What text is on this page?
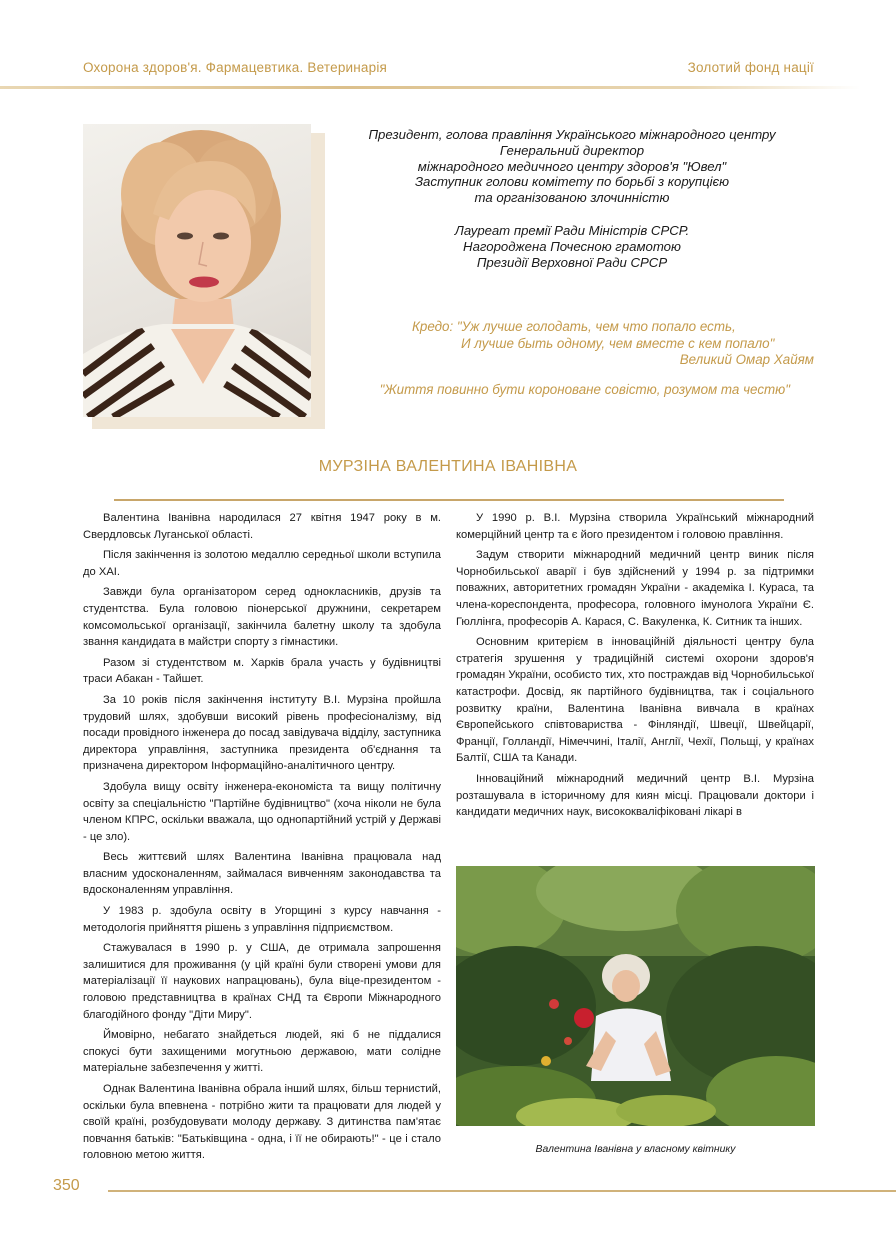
Охорона здоров'я. Фармацевтика. Ветеринарія	Золотий фонд нації
Президент, голова правління Українського міжнародного центру
Генеральний директор
міжнародного медичного центру здоров'я "Ювел"
Заступник голови комітету по борьбі з корупцією
та організованою злочинністю
Лауреат премії Ради Міністрів СРСР.
Нагороджена Почесною грамотою
Президії Верховної Ради СРСР
Кредо: "Уж лучше голодать, чем что попало есть,
И лучше быть одному, чем вместе с кем попало"
Великий Омар Хайям
"Життя повинно бути короноване совістю, розумом та честю"
МУРЗІНА ВАЛЕНТИНА ІВАНІВНА

Валентина Іванівна народилася 27 квітня 1947 року в м. Свердловськ Луганської області.

Після закінчення із золотою медаллю середньої школи вступила до ХАІ.

Завжди була організатором серед однокласників, друзів та студентства. Була головою піонерської дружнини, секретарем комсомольської організації, закінчила балетну школу та здобула звання кандидата в майстри спорту з гімнастики.

Разом зі студентством м. Харків брала участь у будівництві траси Абакан - Тайшет.

За 10 років після закінчення інституту В.І. Мурзіна пройшла трудовий шлях, здобувши високий рівень професіоналізму, від посади провідного інженера до посад завідувача відділу, заступника директора управління, заступника президента об'єднання та призначена директором Інформаційно-аналітичного центру.

Здобула вищу освіту інженера-економіста та вищу політичну освіту за спеціальністю "Партійне будівництво" (хоча ніколи не була членом КПРС, оскільки вважала, що однопартійний устрій у Державі - це зло).

Весь життєвий шлях Валентина Іванівна працювала над власним удосконаленням, займалася вивченням законодавства та вдосконаленням управління.

У 1983 р. здобула освіту в Угорщині з курсу навчання - методологія прийняття рішень з управління підприємством.

Стажувалася в 1990 р. у США, де отримала запрошення залишитися для проживання (у цій країні були створені умови для матеріалізації її наукових напрацювань), була віце-президентом - головою представництва в країнах СНД та Європи Міжнародного благодійного фонду "Діти Миру".

Ймовірно, небагато знайдеться людей, які б не піддалися спокусі бути захищеними могутньою державою, мати солідне матеріальне забезпечення у житті.

Однак Валентина Іванівна обрала інший шлях, більш тернистий, оскільки була впевнена - потрібно жити та працювати для людей у своїй країні, розбудовувати молоду державу. З дитинства пам'ятає повчання батьків: "Батьківщина - одна, і її не обирають!" - це і стало головною метою життя.

У 1990 р. В.І. Мурзіна створила Український міжнародний комерційний центр та є його президентом і головою правління.

Задум створити міжнародний медичний центр виник після Чорнобильської аварії і був здійснений у 1994 р. за підтримки поважних, авторитетних громадян України - академіка І. Кураса, та члена-кореспондента, професора, головного імунолога України Є. Гюллінга, професорів А. Карася, С. Вакуленка, К. Ситник та інших.

Основним критерієм в інноваційній діяльності центру була стратегія зрушення у традиційній системі охорони здоров'я громадян України, особисто тих, хто постраждав від Чорнобильської катастрофи. Досвід, як партійного будівництва, так і соціального розвитку країни, Валентина Іванівна вивчала в країнах Європейського співтовариства - Фінляндії, Швеції, Швейцарії, Франції, Голландії, Німеччині, Італії, Англії, Чехії, Польщі, у країнах Балтії, США та Канади.

Інноваційний міжнародний медичний центр В.І. Мурзіна розташувала в історичному для киян місці. Працювали доктори і кандидати медичних наук, висококваліфіковані лікарі в

Валентина Іванівна у власному квітнику
350
